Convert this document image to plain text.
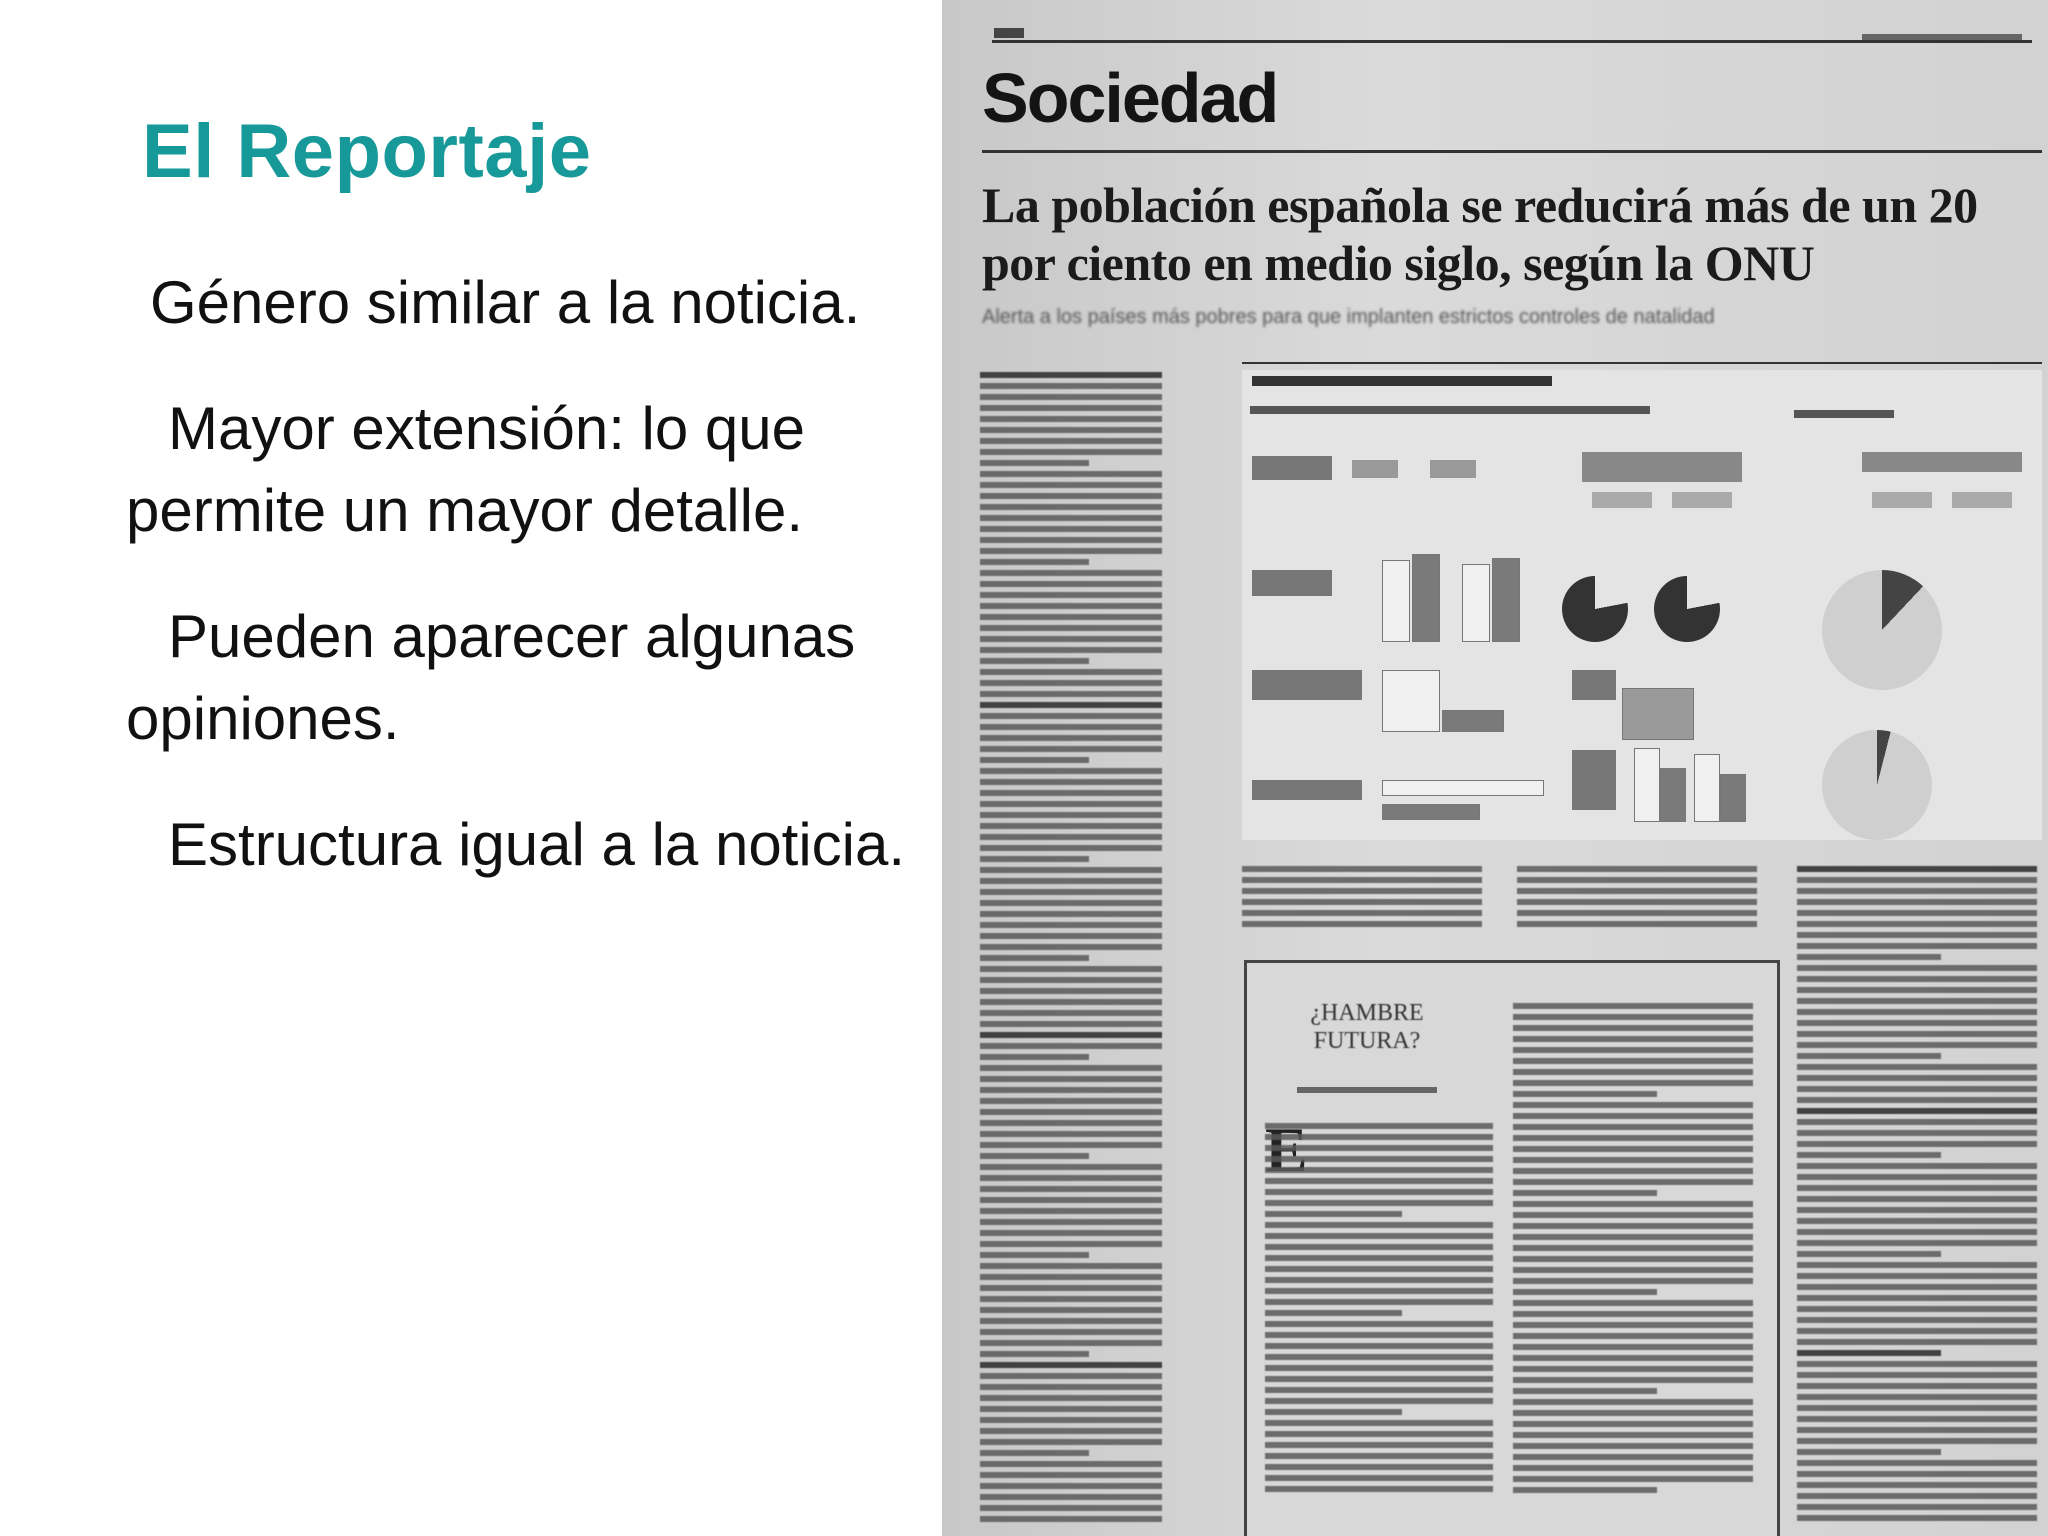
El Reportaje

Género similar a la noticia.

Mayor extensión: lo que permite un mayor detalle.

Pueden aparecer algunas opiniones.

Estructura igual a la noticia.

Sociedad
La población española se reducirá más de un 20 por ciento en medio siglo, según la ONU
Alerta a los países más pobres para que implanten estrictos controles de natalidad
¿HAMBRE FUTURA?
